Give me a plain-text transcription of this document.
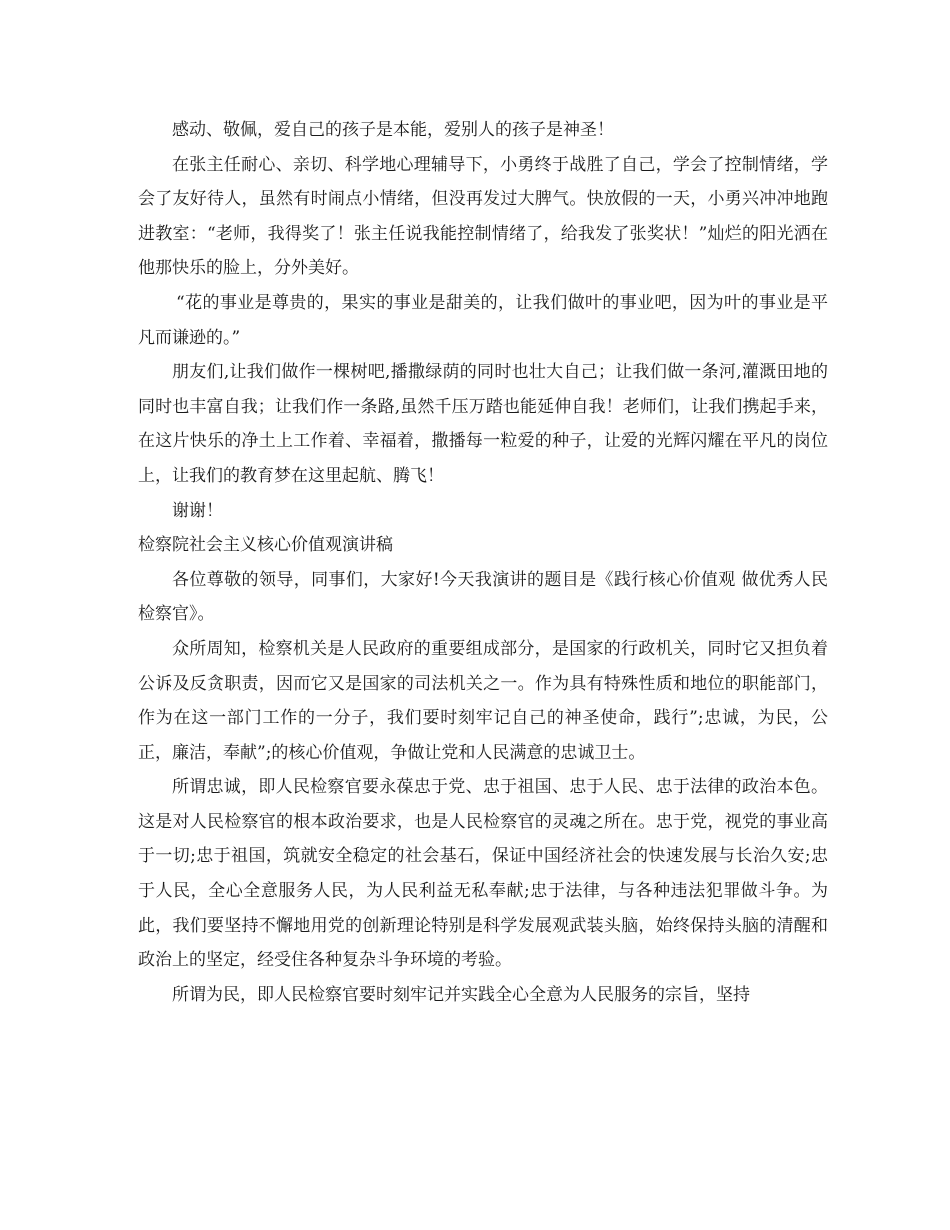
感动、敬佩，爱自己的孩子是本能，爱别人的孩子是神圣！

在张主任耐心、亲切、科学地心理辅导下，小勇终于战胜了自己，学会了控制情绪，学会了友好待人，虽然有时闹点小情绪，但没再发过大脾气。快放假的一天，小勇兴冲冲地跑进教室：“老师，我得奖了！张主任说我能控制情绪了，给我发了张奖状！”灿烂的阳光洒在他那快乐的脸上，分外美好。

“花的事业是尊贵的，果实的事业是甜美的，让我们做叶的事业吧，因为叶的事业是平凡而谦逊的。”

朋友们,让我们做作一棵树吧,播撒绿荫的同时也壮大自己；让我们做一条河,灌溉田地的同时也丰富自我；让我们作一条路,虽然千压万踏也能延伸自我！老师们，让我们携起手来，在这片快乐的净土上工作着、幸福着，撒播每一粒爱的种子，让爱的光辉闪耀在平凡的岗位上，让我们的教育梦在这里起航、腾飞！

谢谢！

检察院社会主义核心价值观演讲稿

各位尊敬的领导，同事们，大家好!今天我演讲的题目是《践行核心价值观 做优秀人民检察官》。

众所周知，检察机关是人民政府的重要组成部分，是国家的行政机关，同时它又担负着公诉及反贪职责，因而它又是国家的司法机关之一。作为具有特殊性质和地位的职能部门，作为在这一部门工作的一分子，我们要时刻牢记自己的神圣使命，践行”;忠诚，为民，公正，廉洁，奉献”;的核心价值观，争做让党和人民满意的忠诚卫士。

所谓忠诚，即人民检察官要永葆忠于党、忠于祖国、忠于人民、忠于法律的政治本色。这是对人民检察官的根本政治要求，也是人民检察官的灵魂之所在。忠于党，视党的事业高于一切;忠于祖国，筑就安全稳定的社会基石，保证中国经济社会的快速发展与长治久安;忠于人民，全心全意服务人民，为人民利益无私奉献;忠于法律，与各种违法犯罪做斗争。为此，我们要坚持不懈地用党的创新理论特别是科学发展观武装头脑，始终保持头脑的清醒和政治上的坚定，经受住各种复杂斗争环境的考验。

所谓为民，即人民检察官要时刻牢记并实践全心全意为人民服务的宗旨，坚持
